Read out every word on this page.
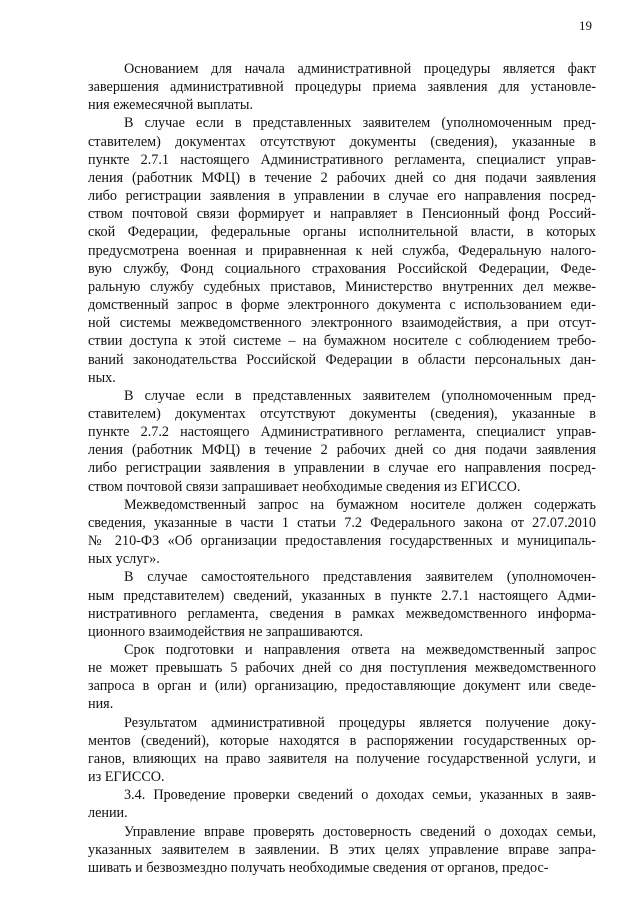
19
Основанием для начала административной процедуры является факт
завершения административной процедуры приема заявления для установле-
ния ежемесячной выплаты.
В случае если в представленных заявителем (уполномоченным пред-
ставителем) документах отсутствуют документы (сведения), указанные в
пункте 2.7.1 настоящего Административного регламента, специалист управ-
ления (работник МФЦ) в течение 2 рабочих дней со дня подачи заявления
либо регистрации заявления в управлении в случае его направления посред-
ством почтовой связи формирует и направляет в Пенсионный фонд Россий-
ской Федерации, федеральные органы исполнительной власти, в которых
предусмотрена военная и приравненная к ней служба, Федеральную налого-
вую службу, Фонд социального страхования Российской Федерации, Феде-
ральную службу судебных приставов, Министерство внутренних дел межве-
домственный запрос в форме электронного документа с использованием еди-
ной системы межведомственного электронного взаимодействия, а при отсут-
ствии доступа к этой системе – на бумажном носителе с соблюдением требо-
ваний законодательства Российской Федерации в области персональных дан-
ных.
В случае если в представленных заявителем (уполномоченным пред-
ставителем) документах отсутствуют документы (сведения), указанные в
пункте 2.7.2 настоящего Административного регламента, специалист управ-
ления (работник МФЦ) в течение 2 рабочих дней со дня подачи заявления
либо регистрации заявления в управлении в случае его направления посред-
ством почтовой связи запрашивает необходимые сведения из ЕГИССО.
Межведомственный запрос на бумажном носителе должен содержать
сведения, указанные в части 1 статьи 7.2 Федерального закона от 27.07.2010
№ 210-ФЗ «Об организации предоставления государственных и муниципаль-
ных услуг».
В случае самостоятельного представления заявителем (уполномочен-
ным представителем) сведений, указанных в пункте 2.7.1 настоящего Адми-
нистративного регламента, сведения в рамках межведомственного информа-
ционного взаимодействия не запрашиваются.
Срок подготовки и направления ответа на межведомственный запрос
не может превышать 5 рабочих дней со дня поступления межведомственного
запроса в орган и (или) организацию, предоставляющие документ или сведе-
ния.
Результатом административной процедуры является получение доку-
ментов (сведений), которые находятся в распоряжении государственных ор-
ганов, влияющих на право заявителя на получение государственной услуги, и
из ЕГИССО.
3.4. Проведение проверки сведений о доходах семьи, указанных в заяв-
лении.
Управление вправе проверять достоверность сведений о доходах семьи,
указанных заявителем в заявлении. В этих целях управление вправе запра-
шивать и безвозмездно получать необходимые сведения от органов, предос-
